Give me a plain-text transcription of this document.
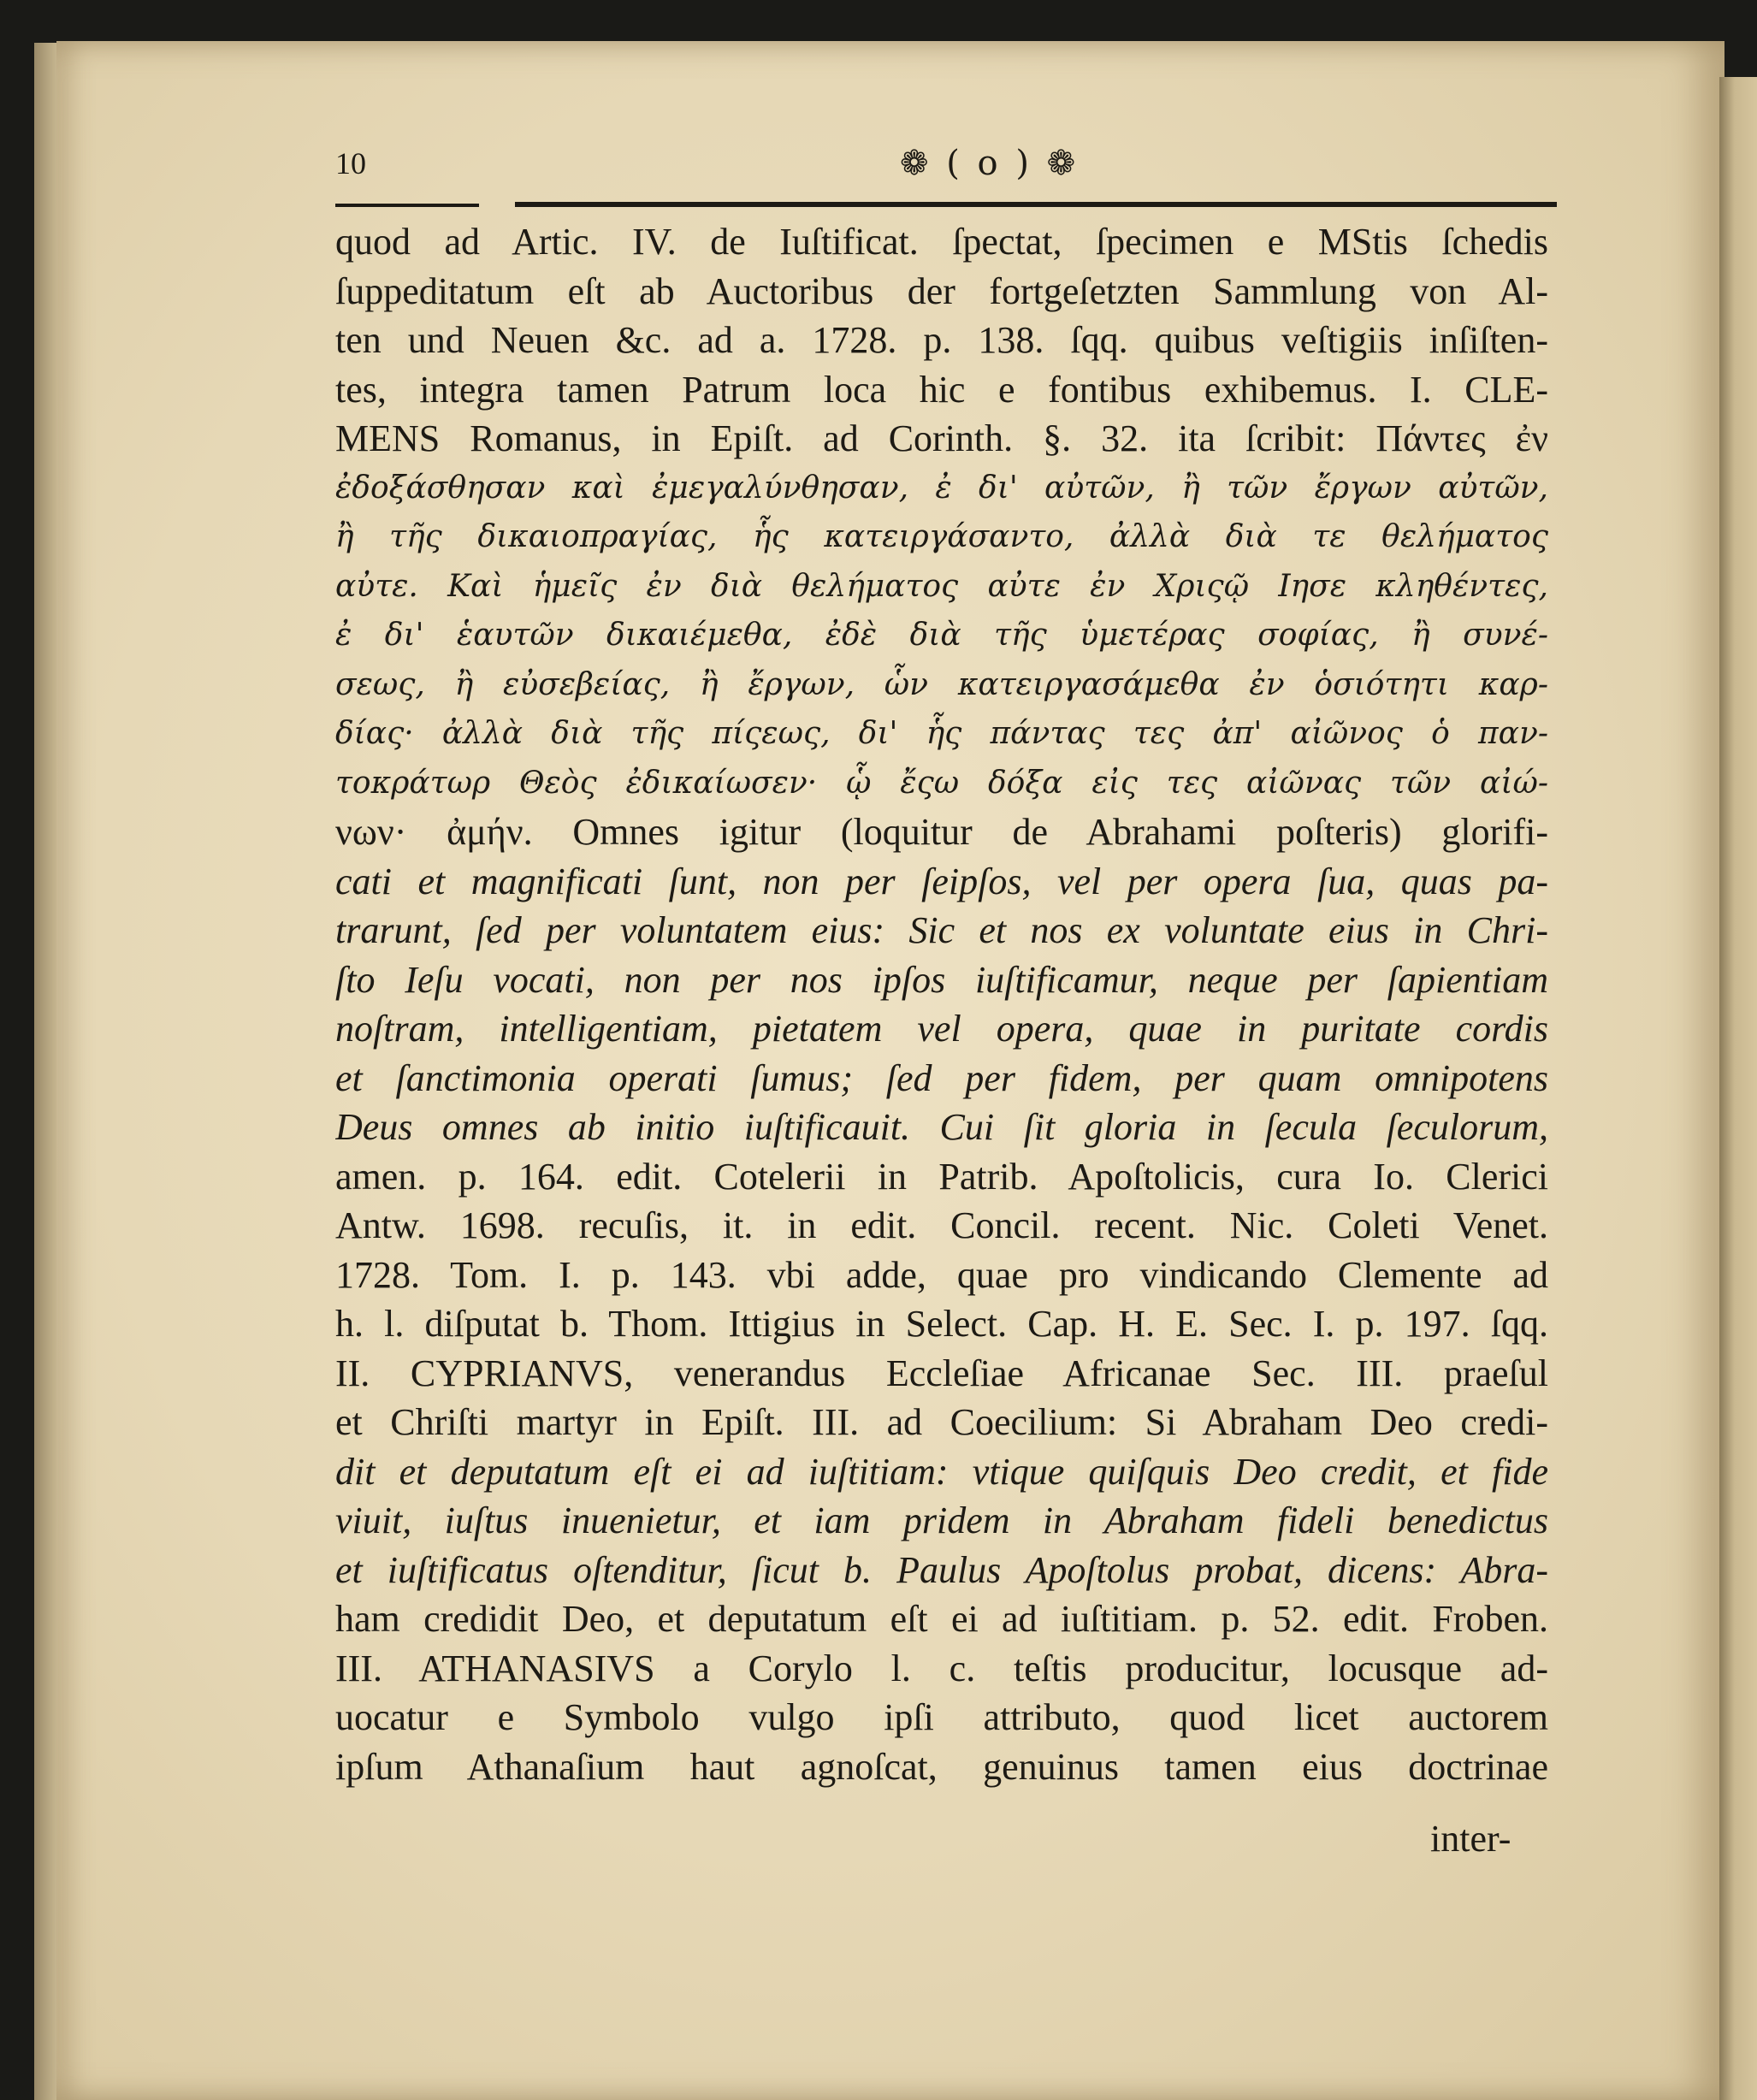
10	❁ ( o ) ❁
quod ad Artic. IV. de Iuſtificat. ſpectat, ſpecimen e MStis ſchedis
ſuppeditatum eſt ab Auctoribus der fortgeſetzten Sammlung von Al-
ten und Neuen &c. ad a. 1728. p. 138. ſqq. quibus veſtigiis inſiſten-
tes, integra tamen Patrum loca hic e fontibus exhibemus. I. CLE-
MENS Romanus, in Epiſt. ad Corinth. §. 32. ita ſcribit: Πάντες ἐν
ἐδοξάσθησαν καὶ ἐμεγαλύνθησαν, ἐ δι' αὐτῶν, ἢ τῶν ἔργων αὐτῶν,
ἢ τῆς δικαιοπραγίας, ἧς κατειργάσαντο, ἀλλὰ διὰ τε θελήματος
αὐτε. Καὶ ἡμεῖς ἐν διὰ θελήματος αὐτε ἐν Χριςῷ Ιησε κληθέντες,
ἐ δι' ἑαυτῶν δικαιέμεθα, ἐδὲ διὰ τῆς ὑμετέρας σοφίας, ἢ συνέ-
σεως, ἢ εὐσεβείας, ἢ ἔργων, ὧν κατειργασάμεθα ἐν ὁσιότητι καρ-
δίας· ἀλλὰ διὰ τῆς πίςεως, δι' ἧς πάντας τες ἀπ' αἰῶνος ὁ παν-
τοκράτωρ Θεὸς ἐδικαίωσεν· ᾧ ἔςω δόξα εἰς τες αἰῶνας τῶν αἰώ-
νων· ἀμήν. Omnes igitur (loquitur de Abrahami poſteris) glorifi-
cati et magnificati ſunt, non per ſeipſos, vel per opera ſua, quas pa-
trarunt, ſed per voluntatem eius: Sic et nos ex voluntate eius in Chri-
ſto Ieſu vocati, non per nos ipſos iuſtificamur, neque per ſapientiam
noſtram, intelligentiam, pietatem vel opera, quae in puritate cordis
et ſanctimonia operati ſumus; ſed per fidem, per quam omnipotens
Deus omnes ab initio iuſtificauit. Cui ſit gloria in ſecula ſeculorum,
amen. p. 164. edit. Cotelerii in Patrib. Apoſtolicis, cura Io. Clerici
Antw. 1698. recuſis, it. in edit. Concil. recent. Nic. Coleti Venet.
1728. Tom. I. p. 143. vbi adde, quae pro vindicando Clemente ad
h. l. diſputat b. Thom. Ittigius in Select. Cap. H. E. Sec. I. p. 197. ſqq.
II. CYPRIANVS, venerandus Eccleſiae Africanae Sec. III. praeſul
et Chriſti martyr in Epiſt. III. ad Coecilium: Si Abraham Deo credi-
dit et deputatum eſt ei ad iuſtitiam: vtique quiſquis Deo credit, et fide
viuit, iuſtus inuenietur, et iam pridem in Abraham fideli benedictus
et iuſtificatus oſtenditur, ſicut b. Paulus Apoſtolus probat, dicens: Abra-
ham credidit Deo, et deputatum eſt ei ad iuſtitiam. p. 52. edit. Froben.
III. ATHANASIVS a Corylo l. c. teſtis producitur, locusque ad-
uocatur e Symbolo vulgo ipſi attributo, quod licet auctorem
ipſum Athanaſium haut agnoſcat, genuinus tamen eius doctrinae
inter-
